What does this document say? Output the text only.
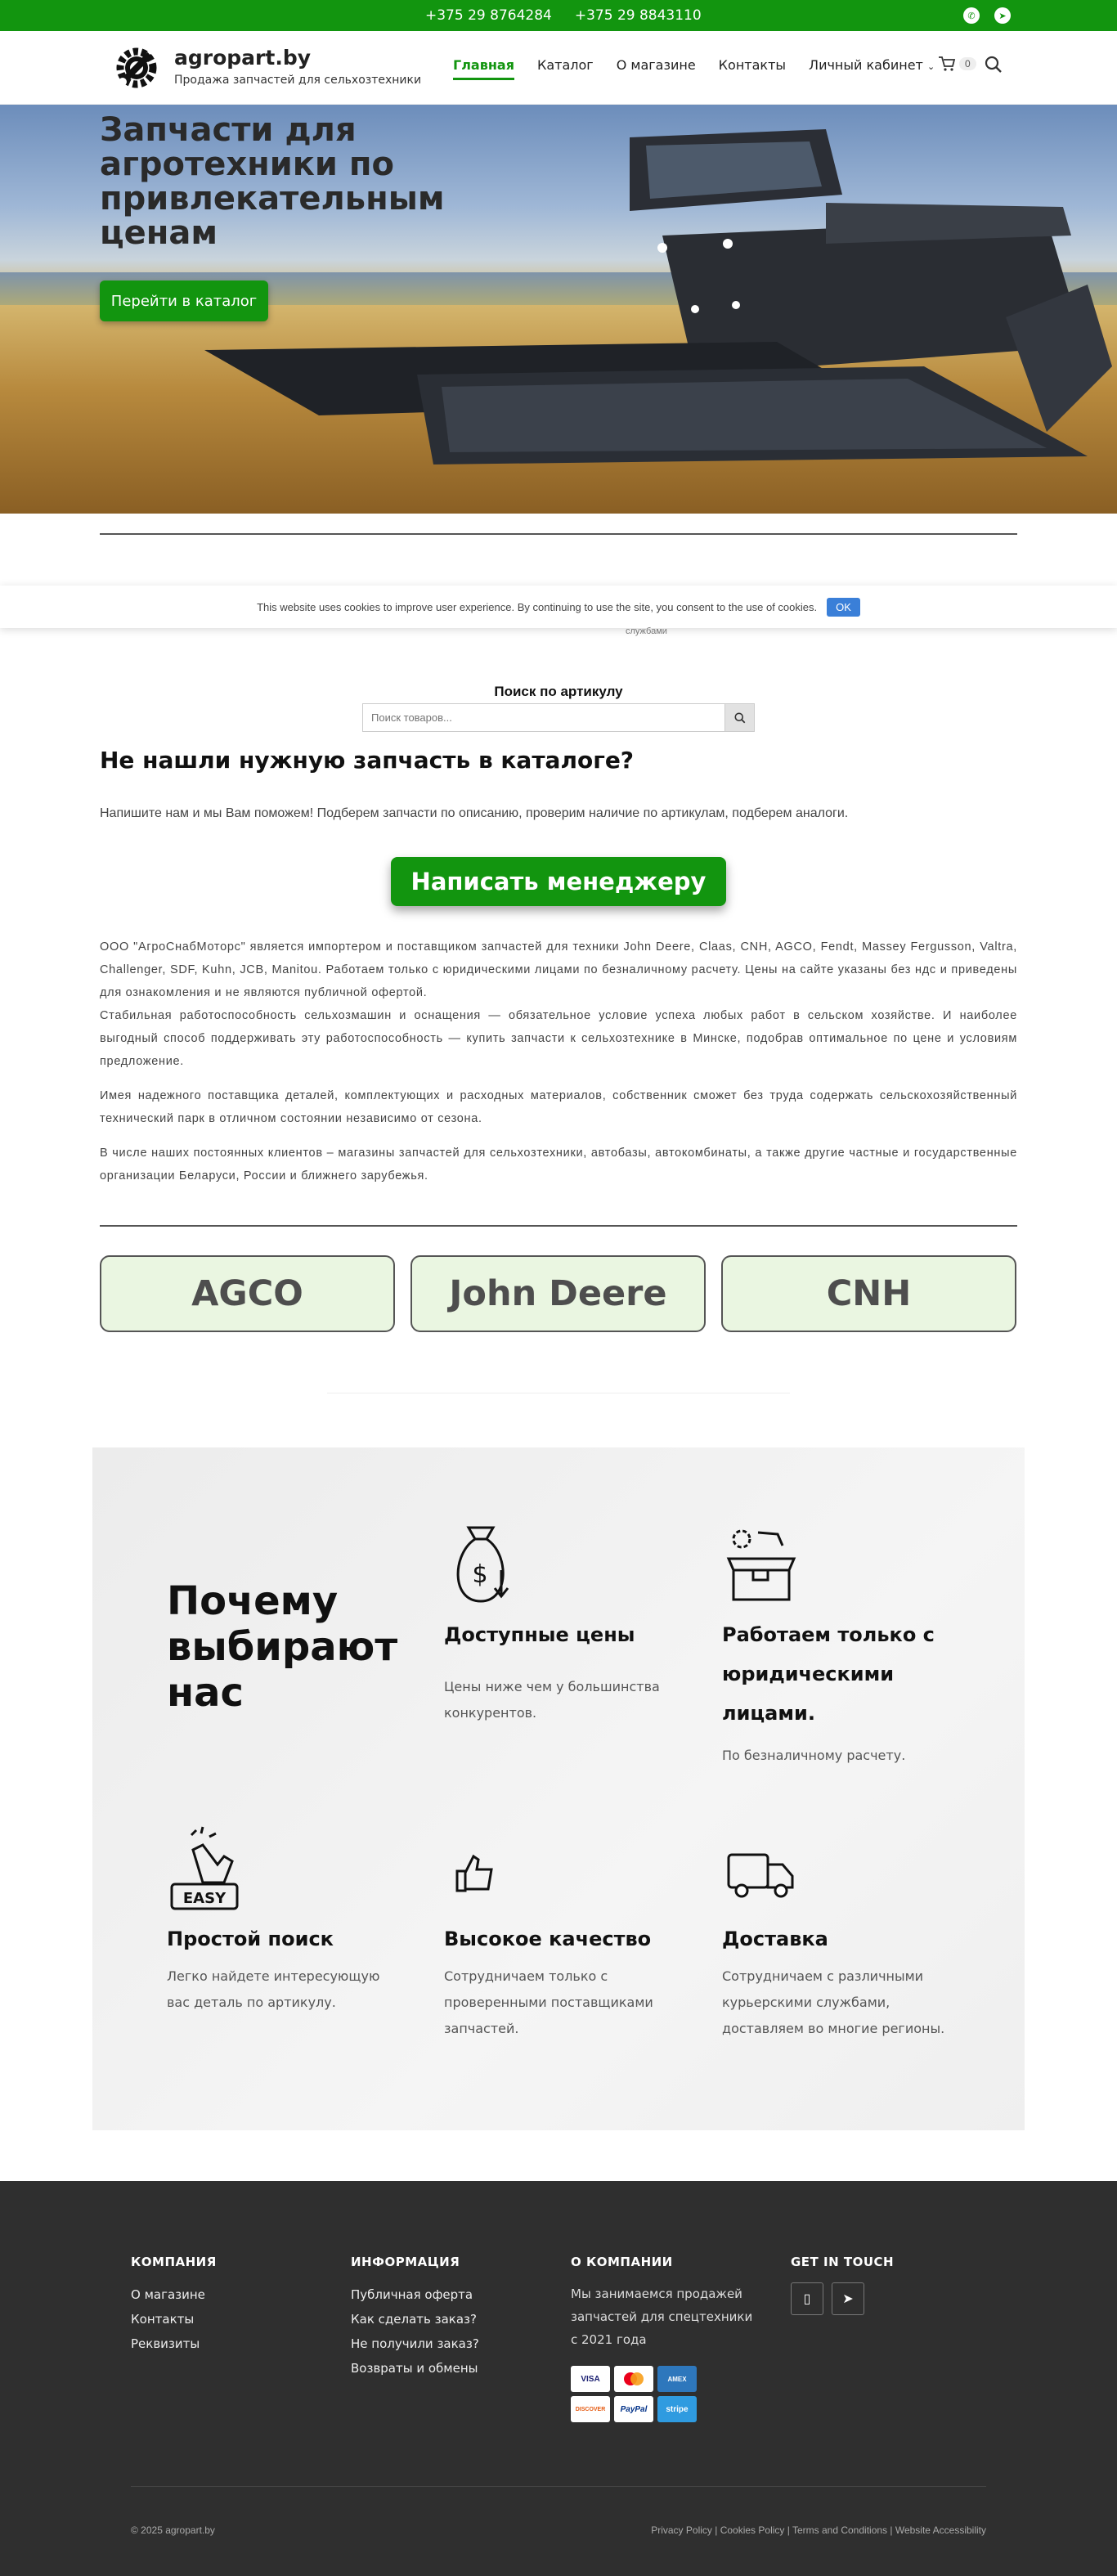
+375 29 8764284 +375 29 8843110	✆	➤
agropart.by
Продажа запчастей для сельхозтехники
Главная Каталог О магазине Контакты Личный кабинет ⌄	0
Запчасти для агротехники по привлекательным ценам
Перейти в каталог
This website uses cookies to improve user experience. By continuing to use the site, you consent to the use of cookies.	OK
службами
Поиск по артикулу
Поиск товаров...
Не нашли нужную запчасть в каталоге?
Напишите нам и мы Вам поможем! Подберем запчасти по описанию, проверим наличие по артикулам, подберем аналоги.
Написать менеджеру

ООО "АгроСнабМоторс" является импортером и поставщиком запчастей для техники John Deere, Claas, CNH, AGCO, Fendt, Massey Fergusson, Valtra, Challenger, SDF, Kuhn, JCB, Manitou. Работаем только с юридическими лицами по безналичному расчету. Цены на сайте указаны без ндс и приведены для ознакомления и не являются публичной офертой.

Стабильная работоспособность сельхозмашин и оснащения — обязательное условие успеха любых работ в сельском хозяйстве. И наиболее выгодный способ поддерживать эту работоспособность — купить запчасти к сельхозтехнике в Минске, подобрав оптимальное по цене и условиям предложение.

Имея надежного поставщика деталей, комплектующих и расходных материалов, собственник сможет без труда содержать сельскохозяйственный технический парк в отличном состоянии независимо от сезона.

В числе наших постоянных клиентов – магазины запчастей для сельхозтехники, автобазы, автокомбинаты, а также другие частные и государственные организации Беларуси, России и ближнего зарубежья.

AGCO	John Deere	CNH
Почему выбирают нас
$
Доступные цены

Цены ниже чем у большинства конкурентов.

Работаем только с юридическими лицами.

По безналичному расчету.

EASY
Простой поиск

Легко найдете интересующую вас деталь по артикулу.

Высокое качество

Сотрудничаем только с проверенными поставщиками запчастей.

Доставка

Сотрудничаем с различными курьерскими службами, доставляем во многие регионы.

КОМПАНИЯ
О магазине
Контакты
Реквизиты
ИНФОРМАЦИЯ
Публичная оферта
Как сделать заказ?
Не получили заказ?
Возвраты и обмены
О КОМПАНИИ
Мы занимаемся продажей запчастей для спецтехники с 2021 года
VISA	AMEX
DISCOVER	PayPal	stripe
GET IN TOUCH
▯	➤
© 2025 agropart.by	Privacy Policy | Cookies Policy | Terms and Conditions | Website Accessibility
